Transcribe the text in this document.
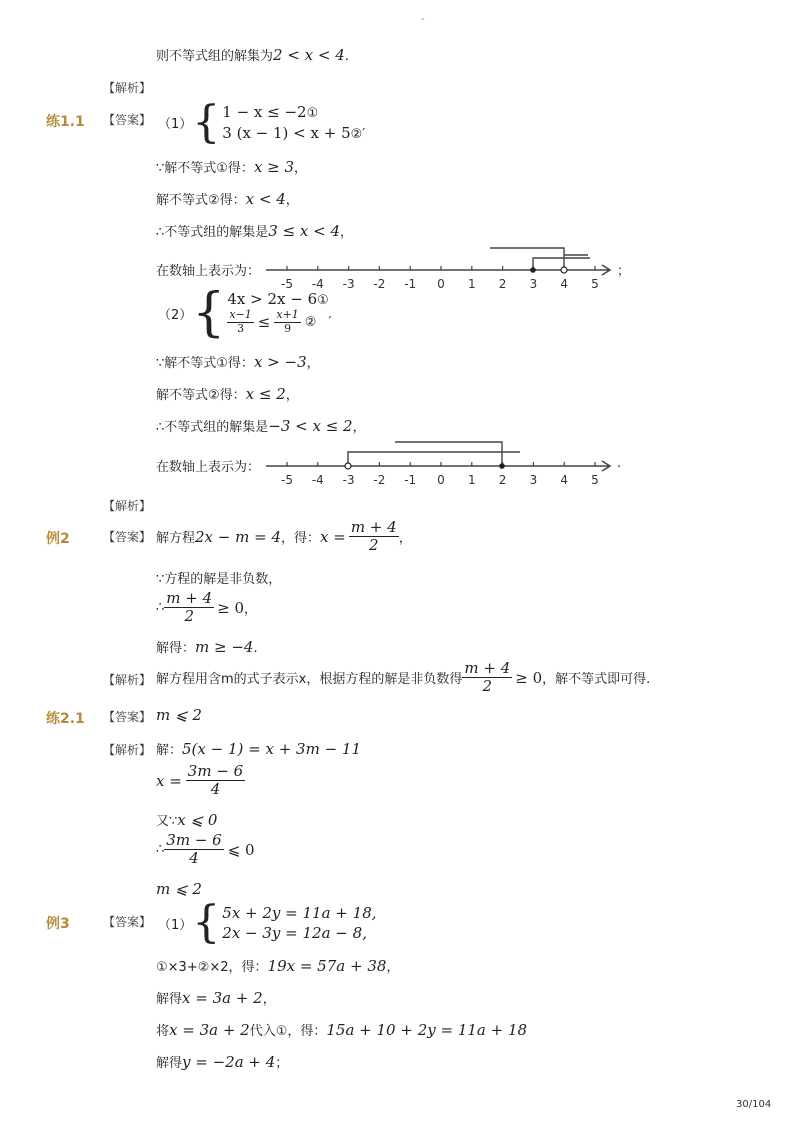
-
则不等式组的解集为2 < x < 4.
【解析】
练1.1 【答案】 （1） { 1 − x ≤ −2①
3 (x − 1) < x + 5②′
∵解不等式①得：x ≥ 3，
解不等式②得：x < 4，
∴不等式组的解集是3 ≤ x < 4，
在数轴上表示为：
-5 -4 -3 -2 -1 0 1 2 3 4 5
；
（2） { 4x > 2x − 6①
$\frac{x-1}{3} \le \frac{x+1}{9}$ ② ′
∵解不等式①得：x > −3，
解不等式②得：x ≤ 2，
∴不等式组的解集是−3 < x ≤ 2，
在数轴上表示为：
-5 -4 -3 -2 -1 0 1 2 3 4 5
.
【解析】
例2	【答案】 解方程 2x − m = 4 ，得： $x = \frac{m + 4}{2}$ ，
∵方程的解是非负数，
∴ $\frac{m + 4}{2} \ge 0$ ，
解得：m ≥ −4.
【解析】 解方程用含m的式子表示x，根据方程的解是非负数得 $\frac{m + 4}{2} \ge 0$ ，解不等式即可得.
练2.1 【答案】 m ⩽ 2
【解析】 解：5(x − 1) = x + 3m − 11
$x = \frac{3m - 6}{4}$
又∵x ⩽ 0
∴ $\frac{3m - 6}{4}$ ⩽ 0
m ⩽ 2
例3	【答案】 （1） { 5x + 2y = 11a + 18,
2x − 3y = 12a − 8,
①×3+②×2，得：19x = 57a + 38，
解得x = 3a + 2，
将x = 3a + 2代入①，得：15a + 10 + 2y = 11a + 18
解得y = −2a + 4；
30/104
